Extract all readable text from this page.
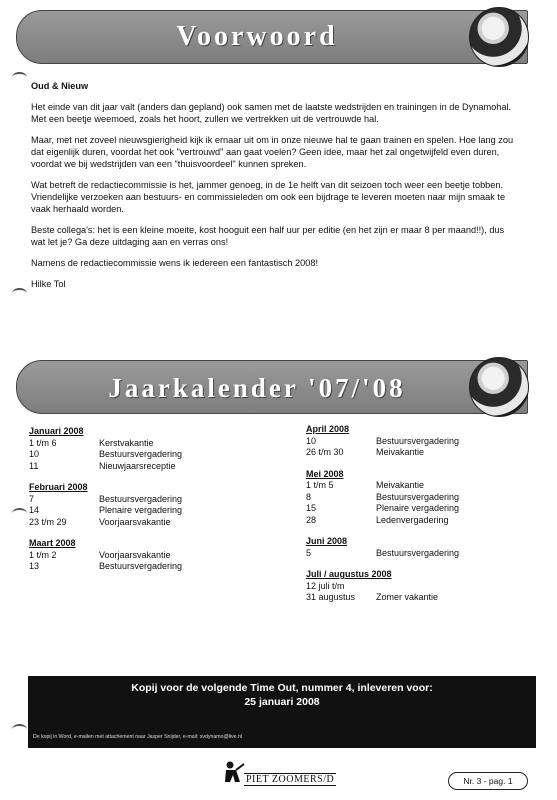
Voorwoord

Oud & Nieuw

Het einde van dit jaar valt (anders dan gepland) ook samen met de laatste wedstrijden en trainingen in de Dynamohal. Met een beetje weemoed, zoals het hoort, zullen we vertrekken uit de vertrouwde hal.

Maar, met net zoveel nieuwsgierigheid kijk ik ernaar uit om in onze nieuwe hal te gaan trainen en spelen. Hoe lang zou dat eigenlijk duren, voordat het ook "vertrouwd" aan gaat voelen? Geen idee, maar het zal ongetwijfeld even duren, voordat we bij wedstrijden van een "thuisvoordeel" kunnen spreken.

Wat betreft de redactiecommissie is het, jammer genoeg, in de 1e helft van dit seizoen toch weer een beetje tobben. Vriendelijke verzoeken aan bestuurs- en commissieleden om ook een bijdrage te leveren moeten naar mijn smaak te vaak herhaald worden.

Beste collega's: het is een kleine moeite, kost hooguit een half uur per editie (en het zijn er maar 8 per maand!!), dus wat let je? Ga deze uitdaging aan en verras ons!

Namens de redactiecommissie wens ik iedereen een fantastisch 2008!

Hilke Tol

Jaarkalender '07/'08
Januari 2008
1 t/m 6	Kerstvakantie
10	Bestuursvergadering
11	Nieuwjaarsreceptie
Februari 2008
7	Bestuursvergadering
14	Plenaire vergadering
23 t/m 29	Voorjaarsvakantie
Maart 2008
1 t/m 2	Voorjaarsvakantie
13	Bestuursvergadering
April 2008
10	Bestuursvergadering
26 t/m 30	Meivakantie
Mei 2008
1 t/m 5	Meivakantie
8	Bestuursvergadering
15	Plenaire vergadering
28	Ledenvergadering
Juni 2008
5	Bestuursvergadering
Juli / augustus 2008
12 juli t/m
31 augustus	Zomer vakantie
Kopij voor de volgende Time Out, nummer 4, inleveren voor:
25 januari 2008
De kopij in Word, e-mailen met attachement naar Jasper Snijder, e-mail: svdynamo@live.nl
PIET ZOOMERS/D	Nr. 3 - pag. 1
